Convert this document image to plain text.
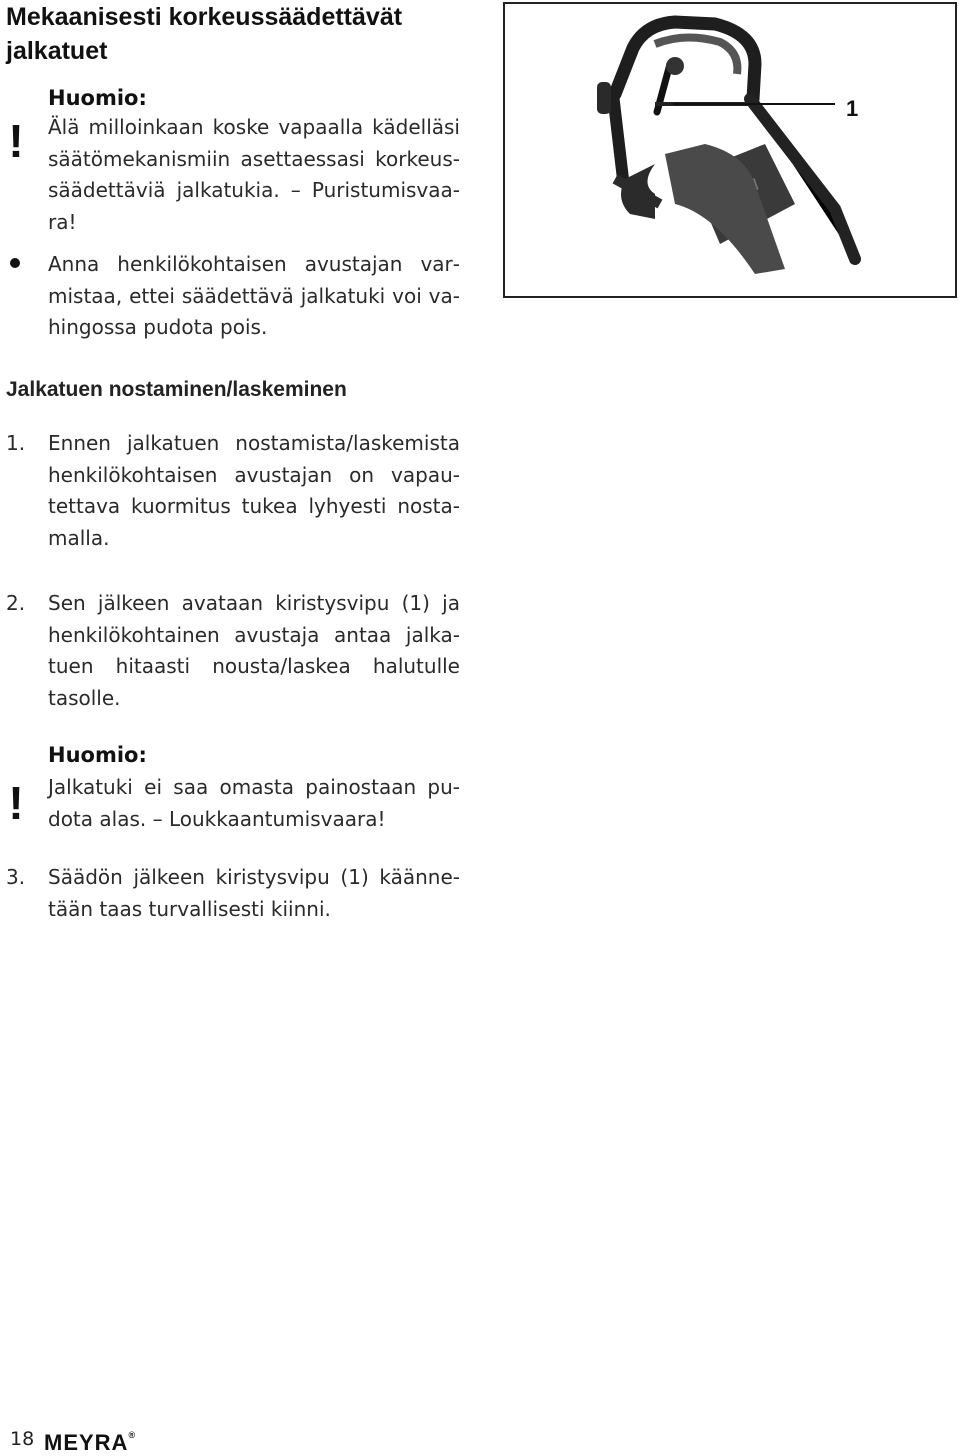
Mekaanisesti korkeussäädettävät jalkatuet
!
Huomio:
Älä milloinkaan koske vapaalla kädelläsi säätömekanismiin asettaessasi korkeussäädettäviä jalkatukia. – Puristumisvaara!
Anna henkilökohtaisen avustajan varmistaa, ettei säädettävä jalkatuki voi vahingossa pudota pois.
1
Jalkatuen nostaminen/laskeminen
1. Ennen jalkatuen nostamista/laskemista henkilökohtaisen avustajan on vapautettava kuormitus tukea lyhyesti nostamalla.
2. Sen jälkeen avataan kiristysvipu (1) ja henkilökohtainen avustaja antaa jalkatuen hitaasti nousta/laskea halutulle tasolle.
!
Huomio:
Jalkatuki ei saa omasta painostaan pudota alas. – Loukkaantumisvaara!
3. Säädön jälkeen kiristysvipu (1) käännetään taas turvallisesti kiinni.
18 MEYRA®
